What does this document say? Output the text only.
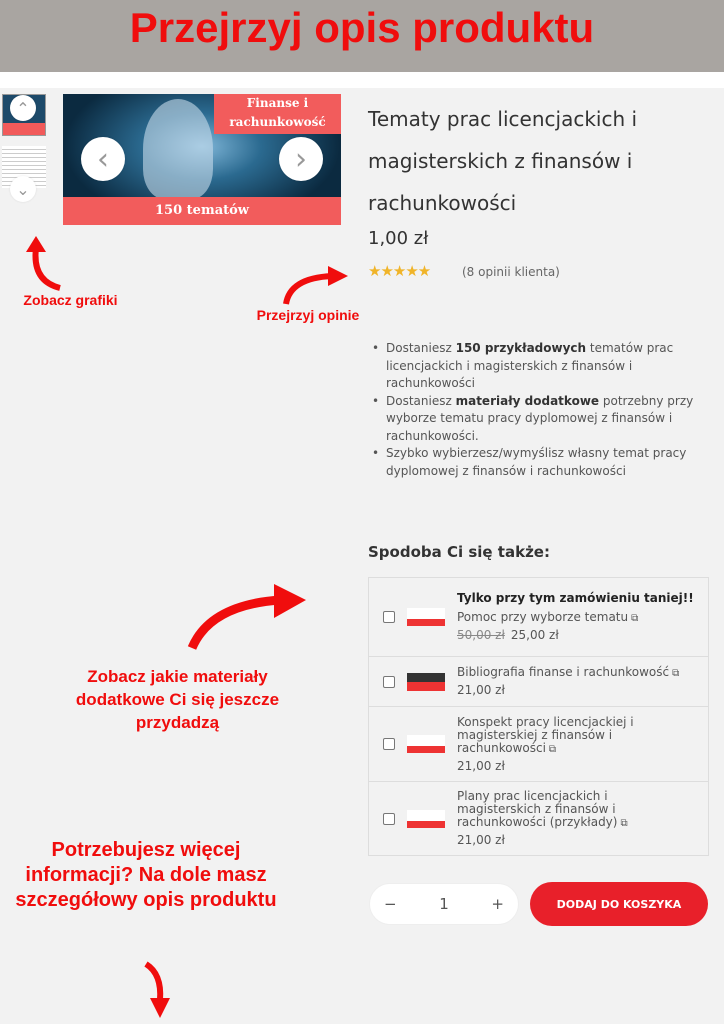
Przejrzyj opis produktu
⌃
⌄
Finanse i rachunkowość
150 tematów
‹	›
Zobacz grafiki
Przejrzyj opinie
Tematy prac licencjackich i magisterskich z finansów i rachunkowości
1,00 zł
★★★★★	(8 opinii klienta)
• Dostaniesz 150 przykładowych tematów prac licencjackich i magisterskich z finansów i rachunkowości
• Dostaniesz materiały dodatkowe potrzebny przy wyborze tematu pracy dyplomowej z finansów i rachunkowości.
• Szybko wybierzesz/wymyślisz własny temat pracy dyplomowej z finansów i rachunkowości
Spodoba Ci się także:
Tylko przy tym zamówieniu taniej!!
Pomoc przy wyborze tematu ⧉
50,00 zł 25,00 zł
Bibliografia finanse i rachunkowość ⧉
21,00 zł
Konspekt pracy licencjackiej i magisterskiej z finansów i rachunkowości ⧉
21,00 zł
Plany prac licencjackich i magisterskich z finansów i rachunkowości (przykłady) ⧉
21,00 zł
Zobacz jakie materiały dodatkowe Ci się jeszcze przydadzą
Potrzebujesz więcej informacji? Na dole masz szczegółowy opis produktu	−	1	+	DODAJ DO KOSZYKA
